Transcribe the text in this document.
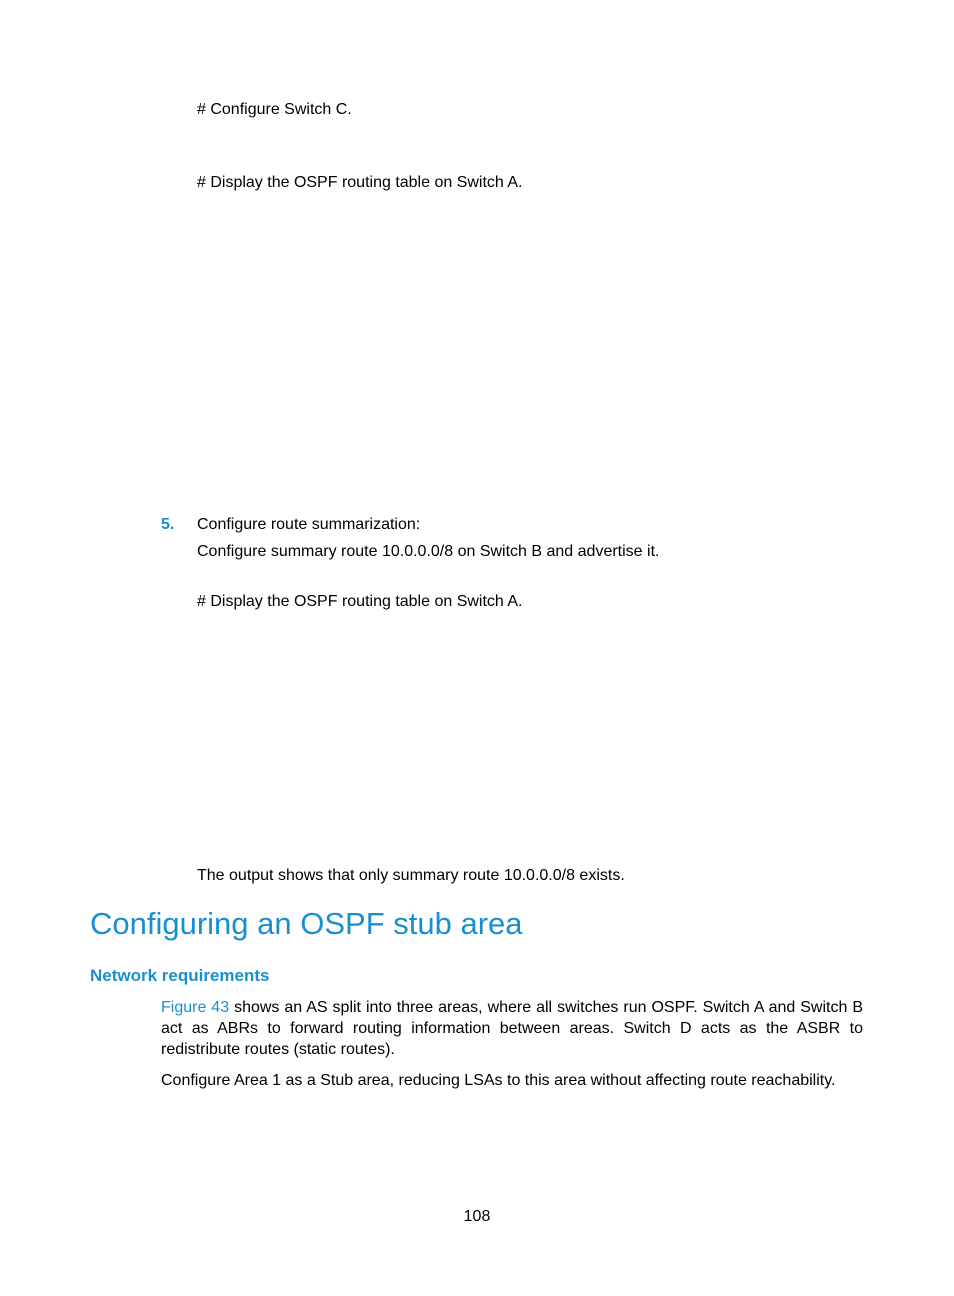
# Configure Switch C.
# Display the OSPF routing table on Switch A.
5. Configure route summarization:
Configure summary route 10.0.0.0/8 on Switch B and advertise it.
# Display the OSPF routing table on Switch A.
The output shows that only summary route 10.0.0.0/8 exists.
Configuring an OSPF stub area
Network requirements
Figure 43 shows an AS split into three areas, where all switches run OSPF. Switch A and Switch B act as ABRs to forward routing information between areas. Switch D acts as the ASBR to redistribute routes (static routes).
Configure Area 1 as a Stub area, reducing LSAs to this area without affecting route reachability.
108
